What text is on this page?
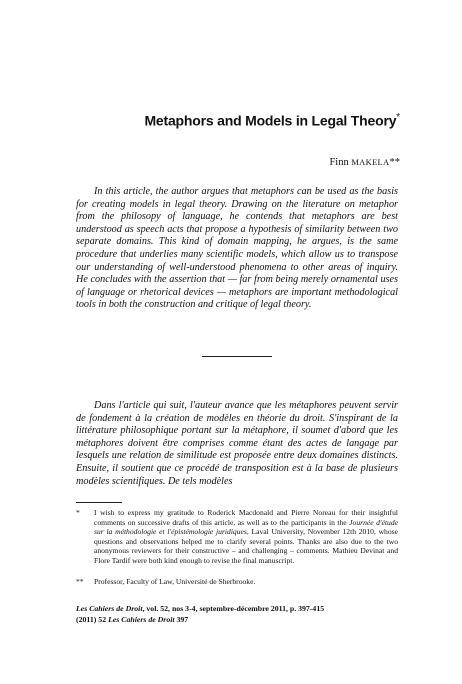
Metaphors and Models in Legal Theory*
Finn MAKELA**

In this article, the author argues that metaphors can be used as the basis for creating models in legal theory. Drawing on the literature on metaphor from the philosopy of language, he contends that metaphors are best understood as speech acts that propose a hypothesis of similarity between two separate domains. This kind of domain mapping, he argues, is the same procedure that underlies many scientific models, which allow us to transpose our understanding of well-understood phenomena to other areas of inquiry. He concludes with the assertion that — far from being merely ornamental uses of language or rhetorical devices — metaphors are important methodological tools in both the construction and critique of legal theory.

Dans l'article qui suit, l'auteur avance que les métaphores peuvent servir de fondement à la création de modèles en théorie du droit. S'inspirant de la littérature philosophique portant sur la métaphore, il soumet d'abord que les métaphores doivent être comprises comme étant des actes de langage par lesquels une relation de similitude est proposée entre deux domaines distincts. Ensuite, il soutient que ce procédé de transposition est à la base de plusieurs modèles scientifiques. De tels modèles

* I wish to express my gratitude to Roderick Macdonald and Pierre Noreau for their insightful comments on successive drafts of this article, as well as to the participants in the Journée d'étude sur la méthodologie et l'épistémologie juridiques, Laval University, November 12th 2010, whose questions and observations helped me to clarify several points. Thanks are also due to the two anonymous reviewers for their constructive – and challenging – comments. Mathieu Devinat and Flore Tardif were both kind enough to revise the final manuscript.
** Professor, Faculty of Law, Université de Sherbrooke.
Les Cahiers de Droit, vol. 52, nos 3-4, septembre-décembre 2011, p. 397-415
(2011) 52 Les Cahiers de Droit 397
